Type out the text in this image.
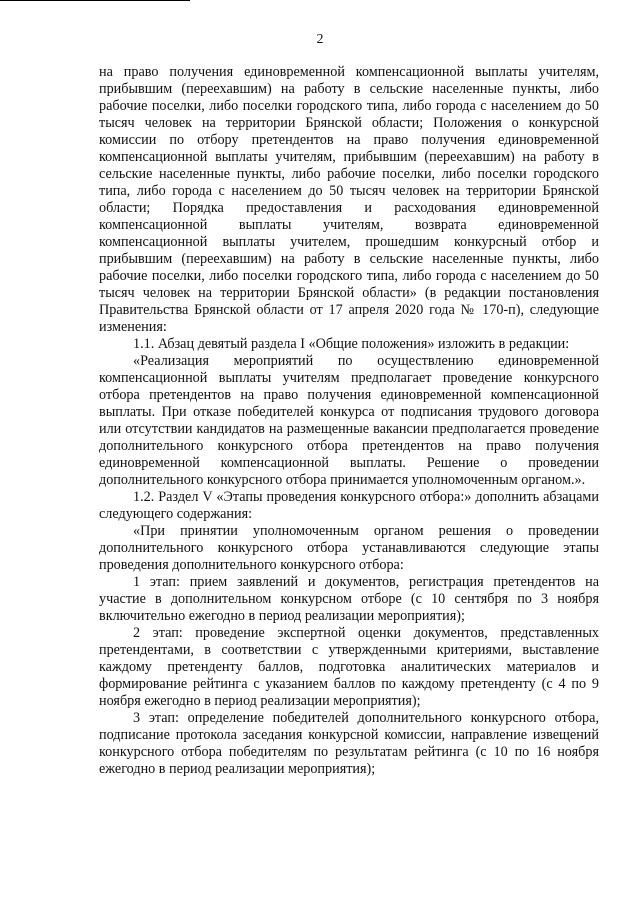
2

на право получения единовременной компенсационной выплаты учителям, прибывшим (переехавшим) на работу в сельские населенные пункты, либо рабочие поселки, либо поселки городского типа, либо города с населением до 50 тысяч человек на территории Брянской области; Положения о конкурсной комиссии по отбору претендентов на право получения единовременной компенсационной выплаты учителям, прибывшим (переехавшим) на работу в сельские населенные пункты, либо рабочие поселки, либо поселки городского типа, либо города с населением до 50 тысяч человек на территории Брянской области; Порядка предоставления и расходования единовременной компенсационной выплаты учителям, возврата единовременной компенсационной выплаты учителем, прошедшим конкурсный отбор и прибывшим (переехавшим) на работу в сельские населенные пункты, либо рабочие поселки, либо поселки городского типа, либо города с населением до 50 тысяч человек на территории Брянской области» (в редакции постановления Правительства Брянской области от 17 апреля 2020 года № 170-п), следующие изменения:

1.1. Абзац девятый раздела I «Общие положения» изложить в редакции:

«Реализация мероприятий по осуществлению единовременной компенсационной выплаты учителям предполагает проведение конкурсного отбора претендентов на право получения единовременной компенсационной выплаты. При отказе победителей конкурса от подписания трудового договора или отсутствии кандидатов на размещенные вакансии предполагается проведение дополнительного конкурсного отбора претендентов на право получения единовременной компенсационной выплаты. Решение о проведении дополнительного конкурсного отбора принимается уполномоченным органом.».

1.2. Раздел V «Этапы проведения конкурсного отбора:» дополнить абзацами следующего содержания:

«При принятии уполномоченным органом решения о проведении дополнительного конкурсного отбора устанавливаются следующие этапы проведения дополнительного конкурсного отбора:

1 этап: прием заявлений и документов, регистрация претендентов на участие в дополнительном конкурсном отборе (с 10 сентября по 3 ноября включительно ежегодно в период реализации мероприятия);

2 этап: проведение экспертной оценки документов, представленных претендентами, в соответствии с утвержденными критериями, выставление каждому претенденту баллов, подготовка аналитических материалов и формирование рейтинга с указанием баллов по каждому претенденту (с 4 по 9 ноября ежегодно в период реализации мероприятия);

3 этап: определение победителей дополнительного конкурсного отбора, подписание протокола заседания конкурсной комиссии, направление извещений конкурсного отбора победителям по результатам рейтинга (с 10 по 16 ноября ежегодно в период реализации мероприятия);
